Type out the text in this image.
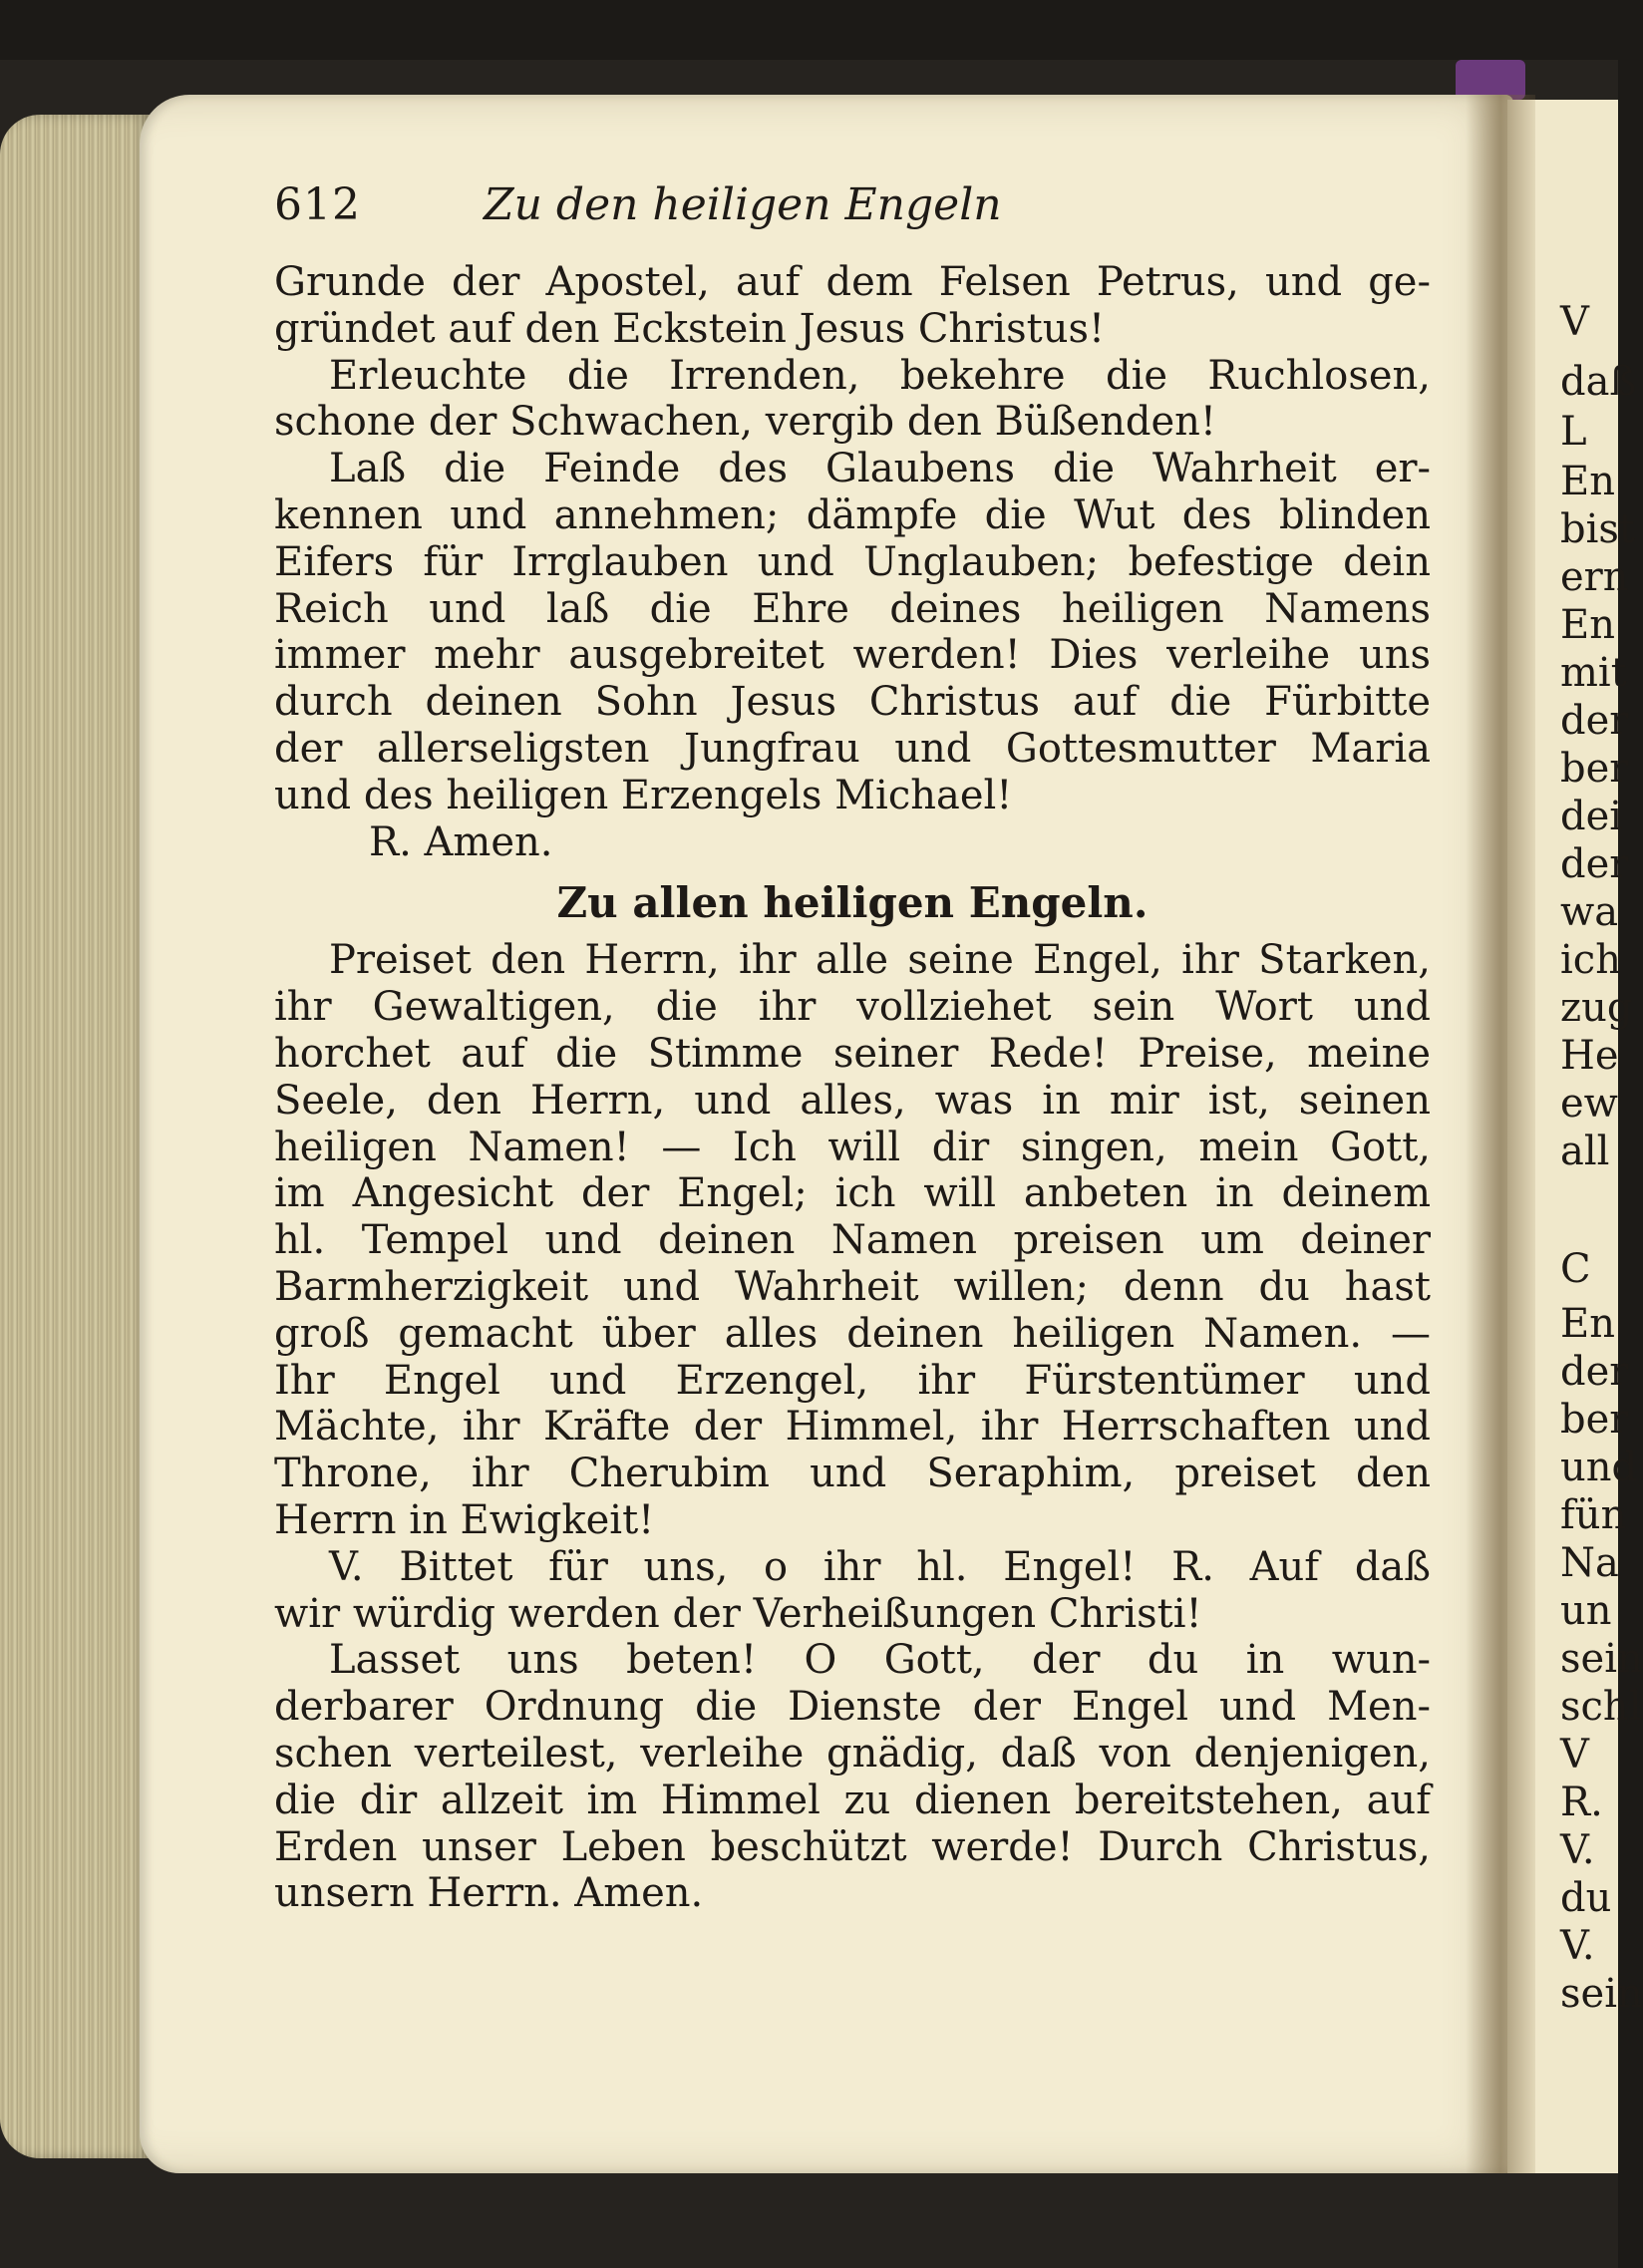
612	Zu den heiligen Engeln
Grunde der Apostel, auf dem Felsen Petrus, und ge-
gründet auf den Eckstein Jesus Christus!
Erleuchte die Irrenden, bekehre die Ruchlosen,
schone der Schwachen, vergib den Büßenden!
Laß die Feinde des Glaubens die Wahrheit er-
kennen und annehmen; dämpfe die Wut des blinden
Eifers für Irrglauben und Unglauben; befestige dein
Reich und laß die Ehre deines heiligen Namens
immer mehr ausgebreitet werden! Dies verleihe uns
durch deinen Sohn Jesus Christus auf die Fürbitte
der allerseligsten Jungfrau und Gottesmutter Maria
und des heiligen Erzengels Michael!
R. Amen.
Zu allen heiligen Engeln.
Preiset den Herrn, ihr alle seine Engel, ihr Starken,
ihr Gewaltigen, die ihr vollziehet sein Wort und
horchet auf die Stimme seiner Rede! Preise, meine
Seele, den Herrn, und alles, was in mir ist, seinen
heiligen Namen! — Ich will dir singen, mein Gott,
im Angesicht der Engel; ich will anbeten in deinem
hl. Tempel und deinen Namen preisen um deiner
Barmherzigkeit und Wahrheit willen; denn du hast
groß gemacht über alles deinen heiligen Namen. —
Ihr Engel und Erzengel, ihr Fürstentümer und
Mächte, ihr Kräfte der Himmel, ihr Herrschaften und
Throne, ihr Cherubim und Seraphim, preiset den
Herrn in Ewigkeit!
V. Bittet für uns, o ihr hl. Engel! R. Auf daß
wir würdig werden der Verheißungen Christi!
Lasset uns beten! O Gott, der du in wun-
derbarer Ordnung die Dienste der Engel und Men-
schen verteilest, verleihe gnädig, daß von denjenigen,
die dir allzeit im Himmel zu dienen bereitstehen, auf
Erden unser Leben beschützt werde! Durch Christus,
unsern Herrn. Amen.
V
daß
L
En
bist
ern
En
mit
der
ber
dei
der
wa
ich
zug
He
ew
all
C
En
der
ber
und
fün
Na
un
sein
schl
V
R.
V.
du
V.
sein
